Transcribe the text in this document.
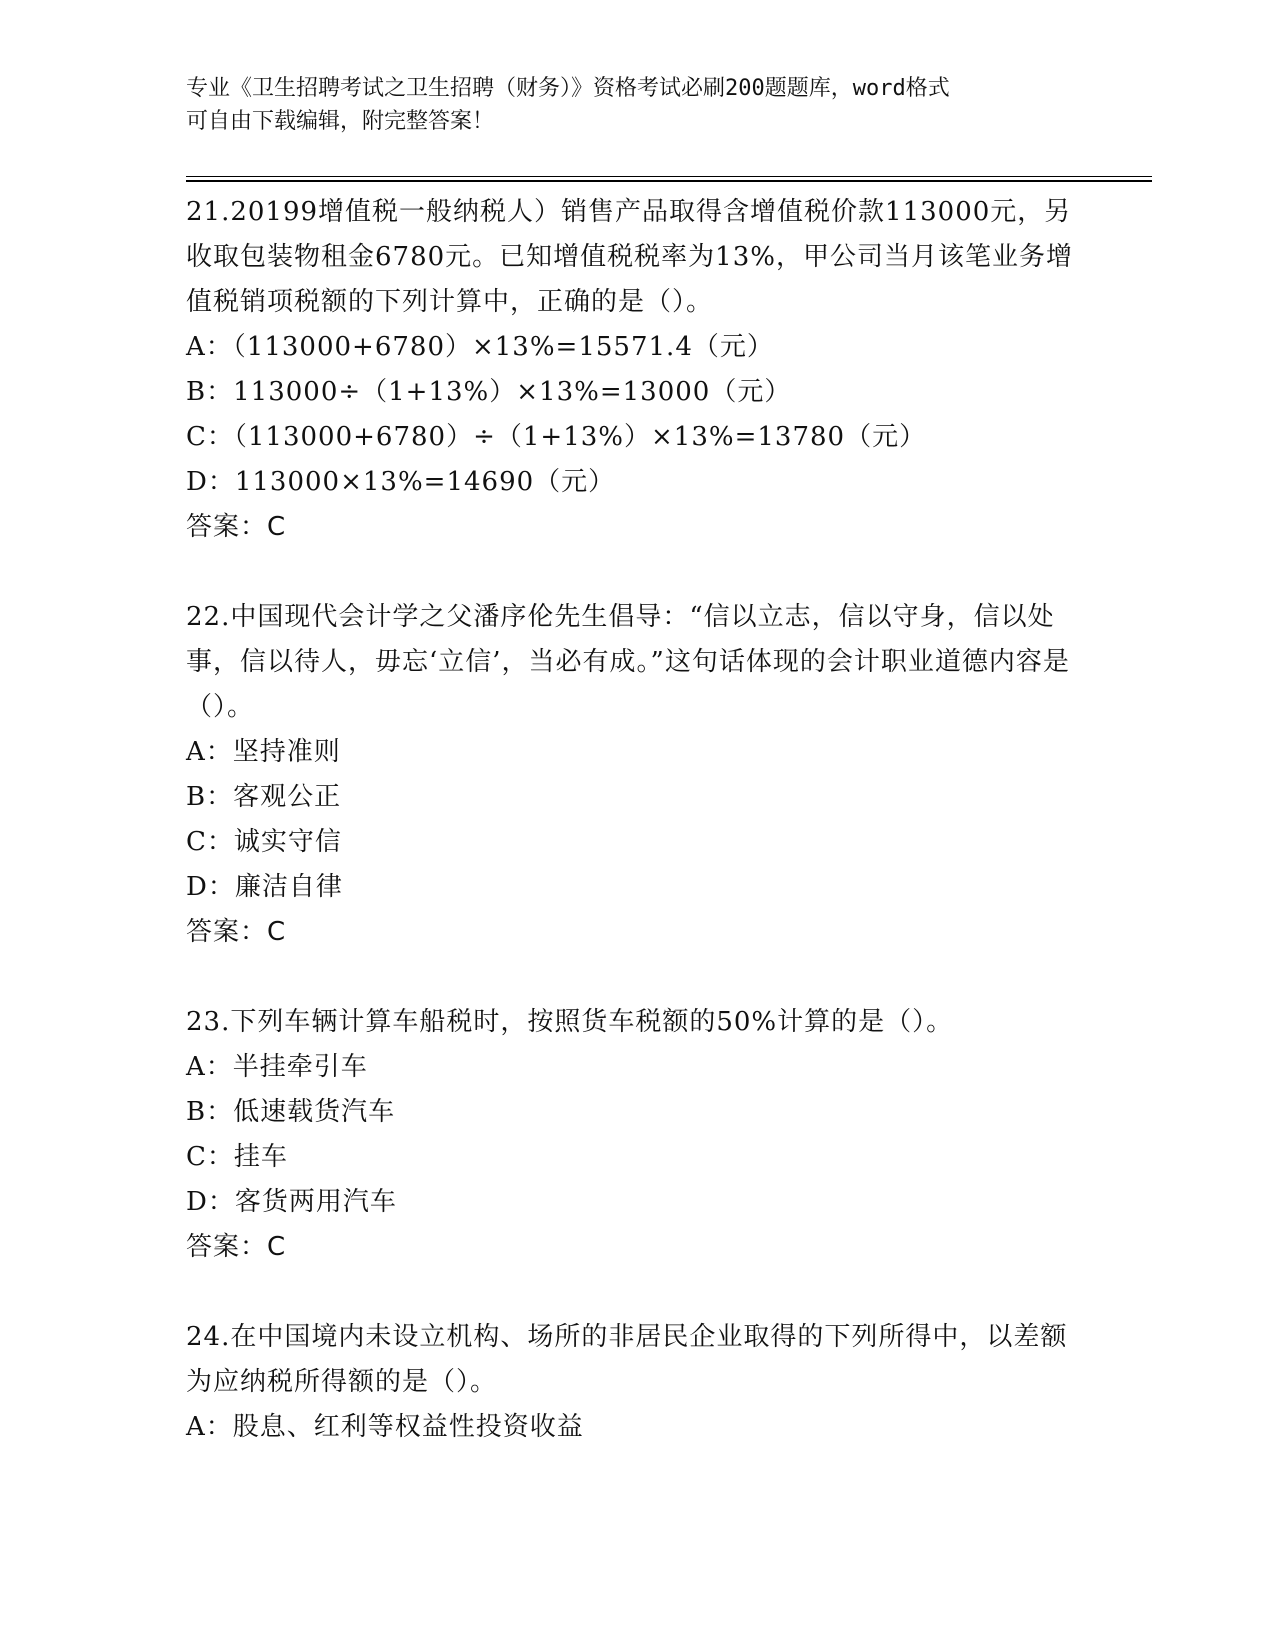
专业《卫生招聘考试之卫生招聘（财务）》资格考试必刷200题题库，word格式
可自由下载编辑，附完整答案！

21.20199增值税一般纳税人）销售产品取得含增值税价款113000元，另收取包装物租金6780元。已知增值税税率为13%，甲公司当月该笔业务增值税销项税额的下列计算中，正确的是（）。

A：（113000+6780）×13%=15571.4（元）

B：113000÷（1+13%）×13%=13000（元）

C：（113000+6780）÷（1+13%）×13%=13780（元）

D：113000×13%=14690（元）

答案：C

22.中国现代会计学之父潘序伦先生倡导：“信以立志，信以守身，信以处事，信以待人，毋忘‘立信’，当必有成。”这句话体现的会计职业道德内容是（）。

A：坚持准则

B：客观公正

C：诚实守信

D：廉洁自律

答案：C

23.下列车辆计算车船税时，按照货车税额的50%计算的是（）。

A：半挂牵引车

B：低速载货汽车

C：挂车

D：客货两用汽车

答案：C

24.在中国境内未设立机构、场所的非居民企业取得的下列所得中，以差额为应纳税所得额的是（）。

A：股息、红利等权益性投资收益
